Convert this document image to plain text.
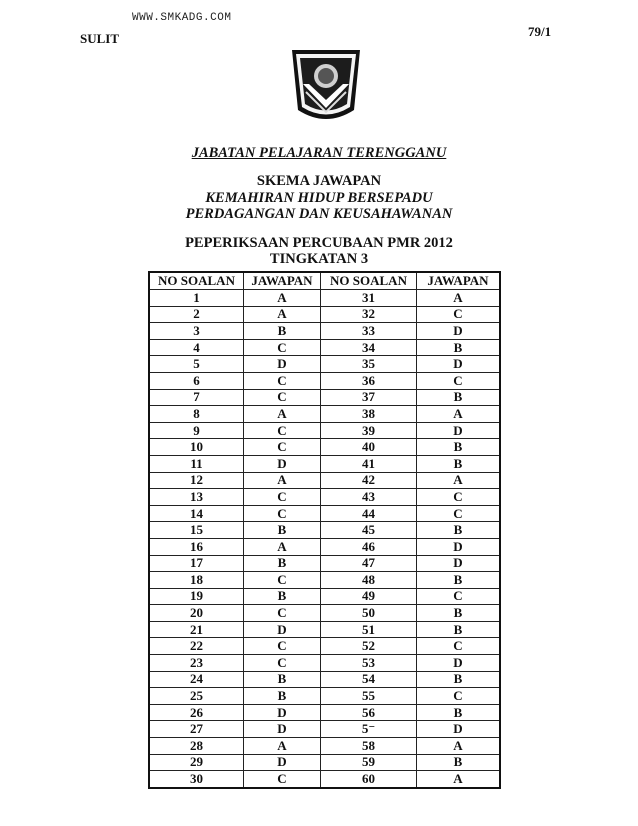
WWW.SMKADG.COM
SULIT	79/1
JABATAN PELAJARAN TERENGGANU
SKEMA JAWAPAN
KEMAHIRAN HIDUP BERSEPADU
PERDAGANGAN DAN KEUSAHAWANAN
PEPERIKSAAN PERCUBAAN PMR 2012
TINGKATAN 3
NO SOALAN	JAWAPAN	NO SOALAN	JAWAPAN
1	A	31	A
2	A	32	C
3	B	33	D
4	C	34	B
5	D	35	D
6	C	36	C
7	C	37	B
8	A	38	A
9	C	39	D
10	C	40	B
11	D	41	B
12	A	42	A
13	C	43	C
14	C	44	C
15	B	45	B
16	A	46	D
17	B	47	D
18	C	48	B
19	B	49	C
20	C	50	B
21	D	51	B
22	C	52	C
23	C	53	D
24	B	54	B
25	B	55	C
26	D	56	B
27	D	5⁻	D
28	A	58	A
29	D	59	B
30	C	60	A
